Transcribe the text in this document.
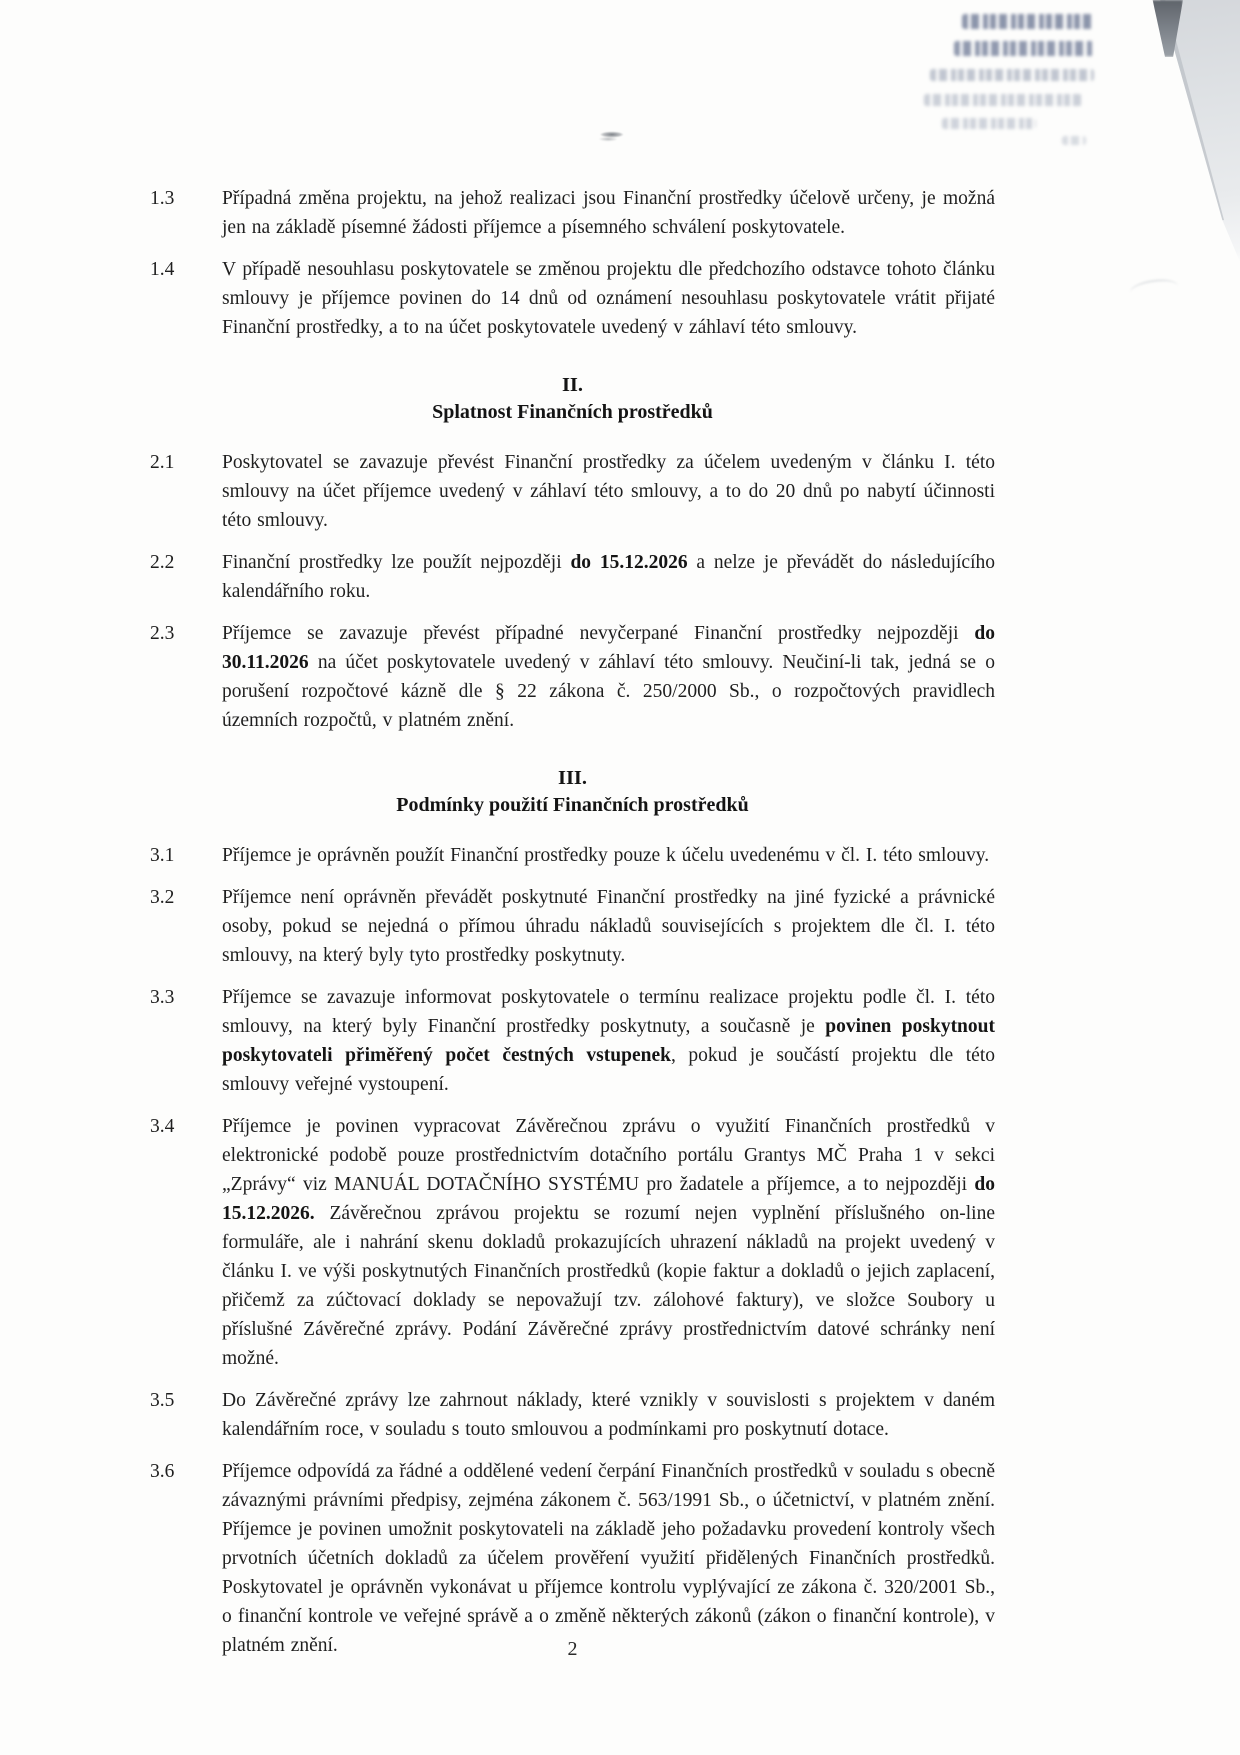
1.3	Případná změna projektu, na jehož realizaci jsou Finanční prostředky účelově určeny, je možná jen na základě písemné žádosti příjemce a písemného schválení poskytovatele.
1.4	V případě nesouhlasu poskytovatele se změnou projektu dle předchozího odstavce tohoto článku smlouvy je příjemce povinen do 14 dnů od oznámení nesouhlasu poskytovatele vrátit přijaté Finanční prostředky, a to na účet poskytovatele uvedený v záhlaví této smlouvy.
II.
Splatnost Finančních prostředků
2.1	Poskytovatel se zavazuje převést Finanční prostředky za účelem uvedeným v článku I. této smlouvy na účet příjemce uvedený v záhlaví této smlouvy, a to do 20 dnů po nabytí účinnosti této smlouvy.
2.2	Finanční prostředky lze použít nejpozději do 15.12.2026 a nelze je převádět do následujícího kalendářního roku.
2.3	Příjemce se zavazuje převést případné nevyčerpané Finanční prostředky nejpozději do 30.11.2026 na účet poskytovatele uvedený v záhlaví této smlouvy. Neučiní-li tak, jedná se o porušení rozpočtové kázně dle § 22 zákona č. 250/2000 Sb., o rozpočtových pravidlech územních rozpočtů, v platném znění.
III.
Podmínky použití Finančních prostředků
3.1	Příjemce je oprávněn použít Finanční prostředky pouze k účelu uvedenému v čl. I. této smlouvy.
3.2	Příjemce není oprávněn převádět poskytnuté Finanční prostředky na jiné fyzické a právnické osoby, pokud se nejedná o přímou úhradu nákladů souvisejících s projektem dle čl. I. této smlouvy, na který byly tyto prostředky poskytnuty.
3.3	Příjemce se zavazuje informovat poskytovatele o termínu realizace projektu podle čl. I. této smlouvy, na který byly Finanční prostředky poskytnuty, a současně je povinen poskytnout poskytovateli přiměřený počet čestných vstupenek, pokud je součástí projektu dle této smlouvy veřejné vystoupení.
3.4	Příjemce je povinen vypracovat Závěrečnou zprávu o využití Finančních prostředků v elektronické podobě pouze prostřednictvím dotačního portálu Grantys MČ Praha 1 v sekci „Zprávy“ viz MANUÁL DOTAČNÍHO SYSTÉMU pro žadatele a příjemce, a to nejpozději do 15.12.2026. Závěrečnou zprávou projektu se rozumí nejen vyplnění příslušného on-line formuláře, ale i nahrání skenu dokladů prokazujících uhrazení nákladů na projekt uvedený v článku I. ve výši poskytnutých Finančních prostředků (kopie faktur a dokladů o jejich zaplacení, přičemž za zúčtovací doklady se nepovažují tzv. zálohové faktury), ve složce Soubory u příslušné Závěrečné zprávy. Podání Závěrečné zprávy prostřednictvím datové schránky není možné.
3.5	Do Závěrečné zprávy lze zahrnout náklady, které vznikly v souvislosti s projektem v daném kalendářním roce, v souladu s touto smlouvou a podmínkami pro poskytnutí dotace.
3.6	Příjemce odpovídá za řádné a oddělené vedení čerpání Finančních prostředků v souladu s obecně závaznými právními předpisy, zejména zákonem č. 563/1991 Sb., o účetnictví, v platném znění. Příjemce je povinen umožnit poskytovateli na základě jeho požadavku provedení kontroly všech prvotních účetních dokladů za účelem prověření využití přidělených Finančních prostředků. Poskytovatel je oprávněn vykonávat u příjemce kontrolu vyplývající ze zákona č. 320/2001 Sb., o finanční kontrole ve veřejné správě a o změně některých zákonů (zákon o finanční kontrole), v platném znění.	2
